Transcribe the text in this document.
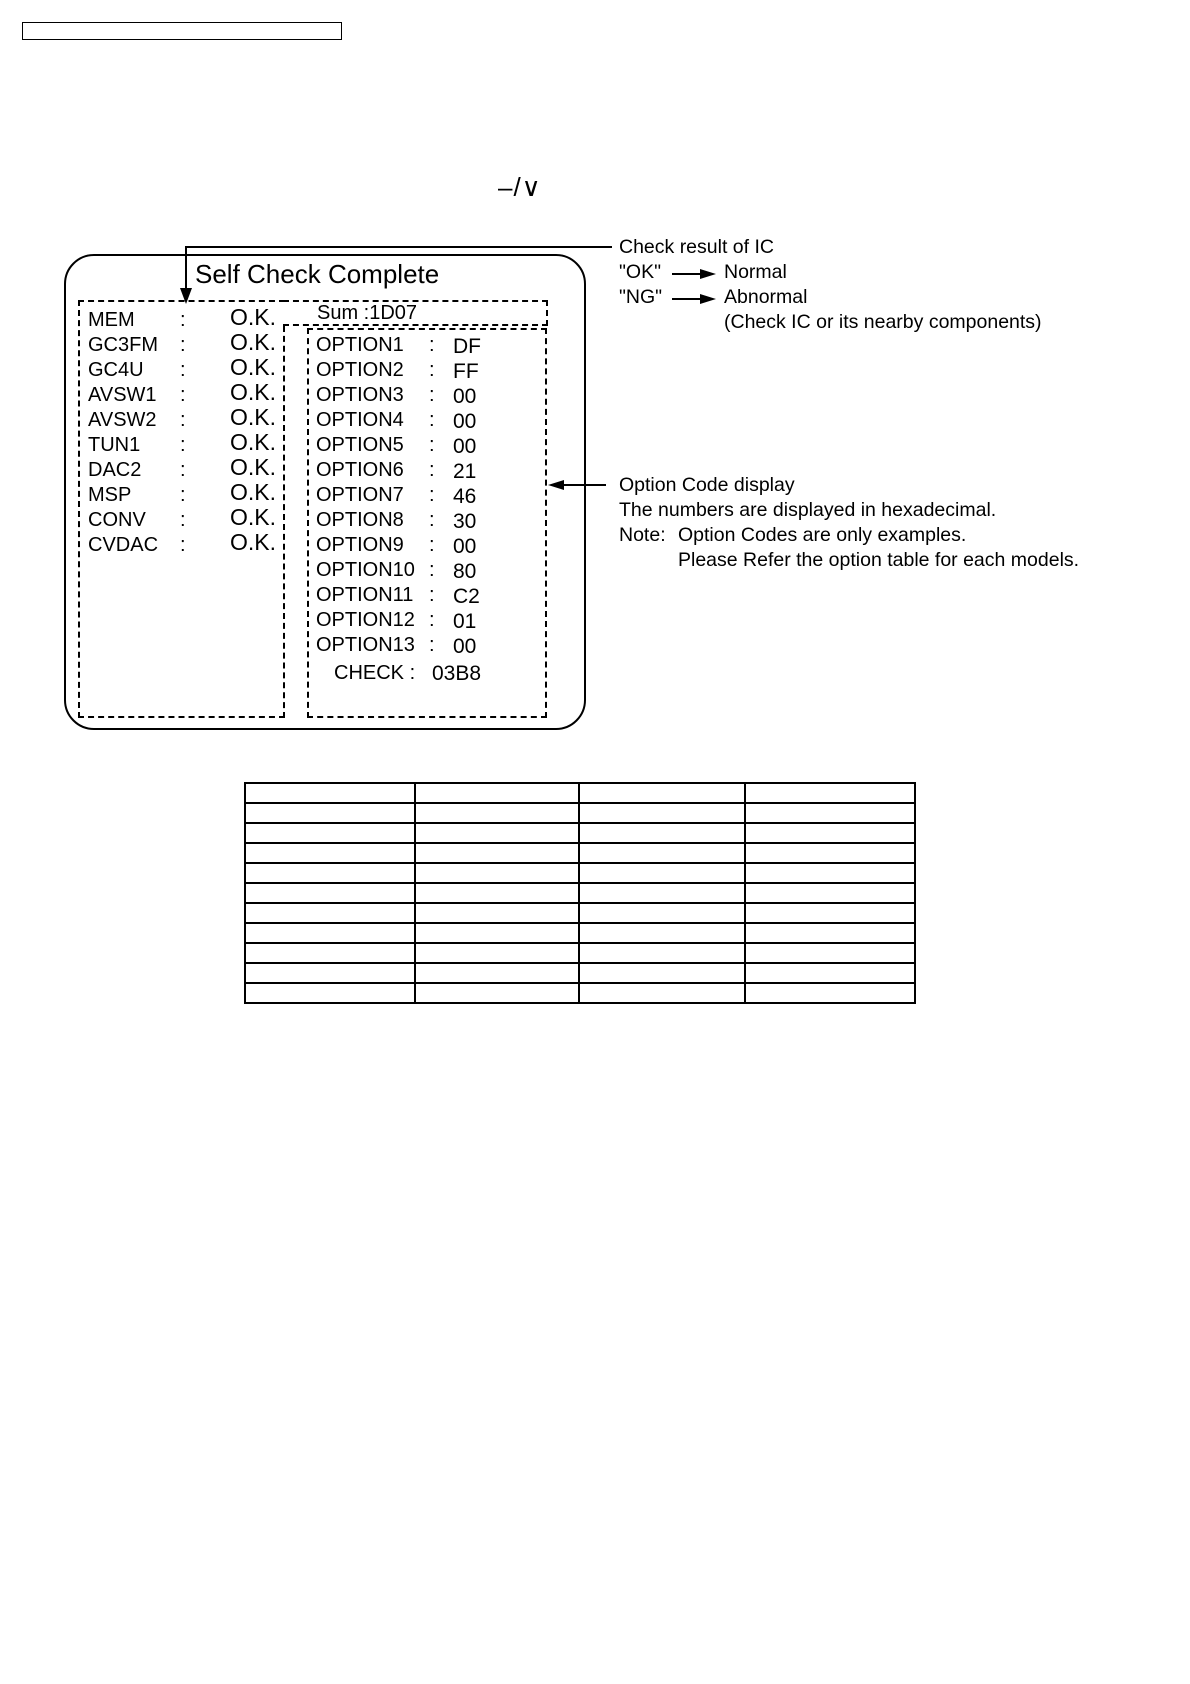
–/∨
Self Check Complete
Sum :1D07
MEM	: O.K.
GC3FM	: O.K.
GC4U	: O.K.
AVSW1	: O.K.
AVSW2	: O.K.
TUN1	: O.K.
DAC2	: O.K.
MSP	: O.K.
CONV	: O.K.
CVDAC	: O.K.
OPTION1 : DF
OPTION2 : FF
OPTION3 : 00
OPTION4 : 00
OPTION5 : 00
OPTION6 : 21
OPTION7 : 46
OPTION8 : 30
OPTION9 : 00
OPTION10 : 80
OPTION11 : C2
OPTION12 : 01
OPTION13 : 00
CHECK : 03B8
Check result of IC
"OK"	Normal
"NG"	Abnormal
(Check IC or its nearby components)
Option Code display
The numbers are displayed in hexadecimal.
Note: Option Codes are only examples.
Please Refer the option table for each models.
